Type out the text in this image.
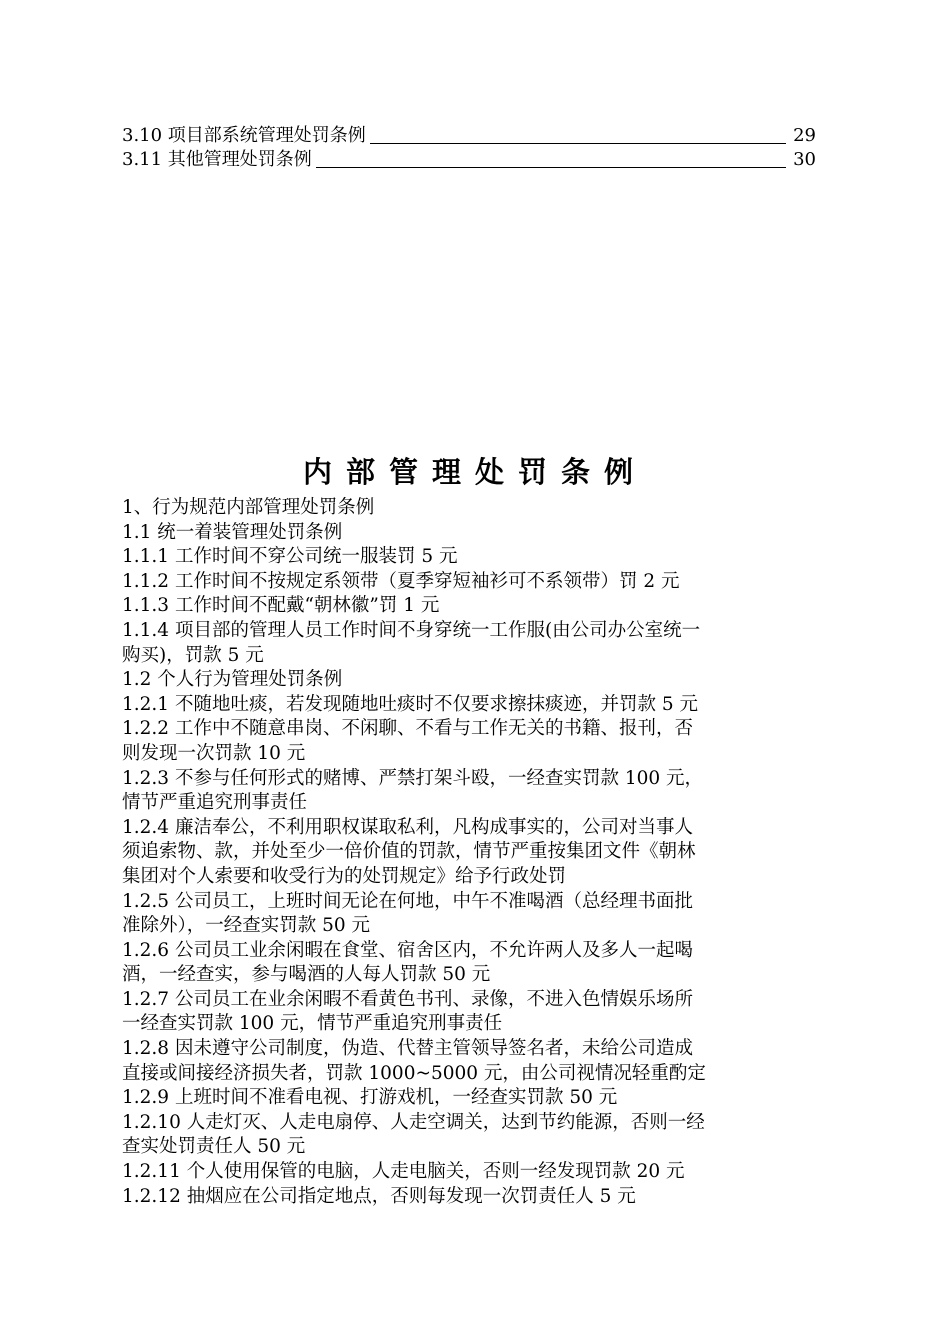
3.10 项目部系统管理处罚条例	29
3.11 其他管理处罚条例	30
内部管理处罚条例

1、行为规范内部管理处罚条例

1.1 统一着装管理处罚条例

1.1.1 工作时间不穿公司统一服装罚 5 元

1.1.2 工作时间不按规定系领带（夏季穿短袖衫可不系领带）罚 2 元

1.1.3 工作时间不配戴“朝林徽”罚 1 元

1.1.4 项目部的管理人员工作时间不身穿统一工作服(由公司办公室统一
购买)，罚款 5 元

1.2 个人行为管理处罚条例

1.2.1 不随地吐痰，若发现随地吐痰时不仅要求擦抹痰迹，并罚款 5 元

1.2.2 工作中不随意串岗、不闲聊、不看与工作无关的书籍、报刊，否
则发现一次罚款 10 元

1.2.3 不参与任何形式的赌博、严禁打架斗殴，一经查实罚款 100 元，
情节严重追究刑事责任

1.2.4 廉洁奉公，不利用职权谋取私利，凡构成事实的，公司对当事人
须追索物、款，并处至少一倍价值的罚款，情节严重按集团文件《朝林
集团对个人索要和收受行为的处罚规定》给予行政处罚

1.2.5 公司员工，上班时间无论在何地，中午不准喝酒（总经理书面批
准除外），一经查实罚款 50 元

1.2.6 公司员工业余闲暇在食堂、宿舍区内，不允许两人及多人一起喝
酒，一经查实，参与喝酒的人每人罚款 50 元

1.2.7 公司员工在业余闲暇不看黄色书刊、录像，不进入色情娱乐场所
一经查实罚款 100 元，情节严重追究刑事责任

1.2.8 因未遵守公司制度，伪造、代替主管领导签名者，未给公司造成
直接或间接经济损失者，罚款 1000~5000 元，由公司视情况轻重酌定

1.2.9 上班时间不准看电视、打游戏机，一经查实罚款 50 元

1.2.10 人走灯灭、人走电扇停、人走空调关，达到节约能源，否则一经
查实处罚责任人 50 元

1.2.11 个人使用保管的电脑，人走电脑关，否则一经发现罚款 20 元

1.2.12 抽烟应在公司指定地点，否则每发现一次罚责任人 5 元
